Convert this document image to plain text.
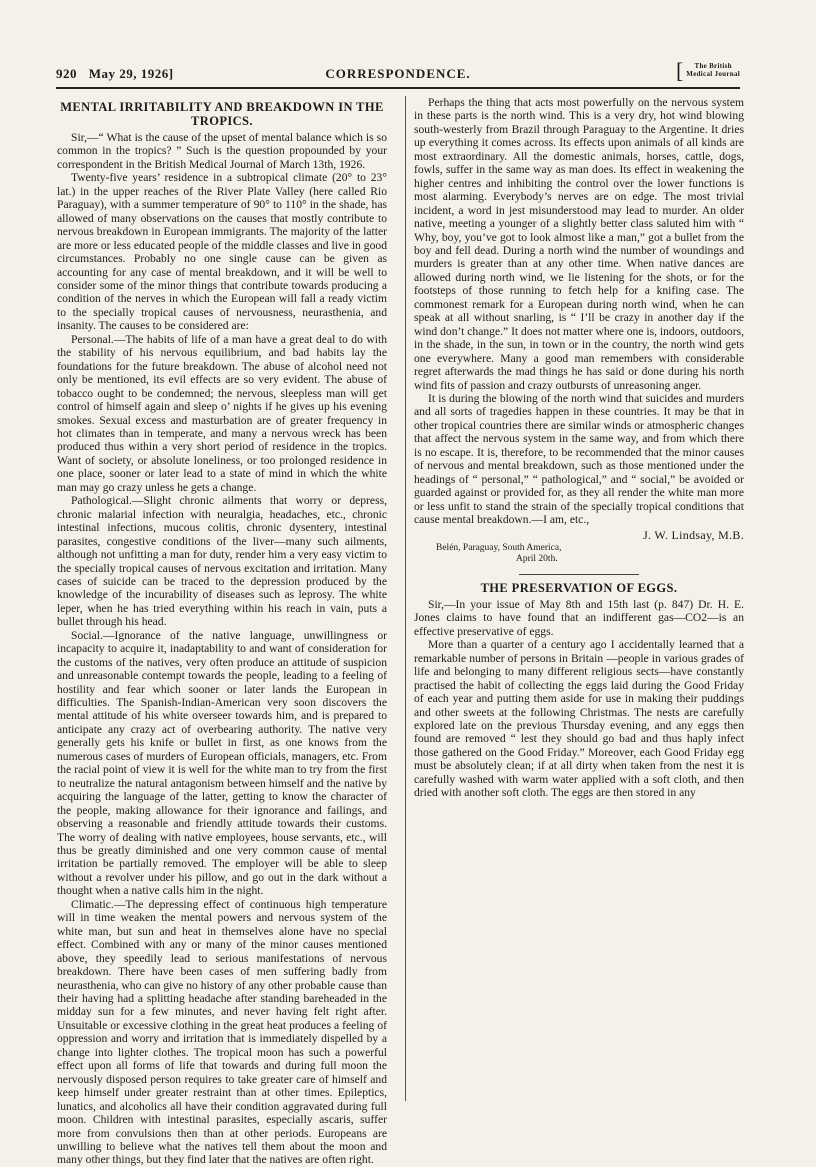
920 May 29, 1926]	CORRESPONDENCE.	[	The British
Medical Journal
MENTAL IRRITABILITY AND BREAKDOWN IN THE TROPICS.

Sir,—“ What is the cause of the upset of mental balance which is so common in the tropics? ” Such is the question propounded by your correspondent in the British Medical Journal of March 13th, 1926.

Twenty-five years’ residence in a subtropical climate (20° to 23° lat.) in the upper reaches of the River Plate Valley (here called Rio Paraguay), with a summer temperature of 90° to 110° in the shade, has allowed of many observations on the causes that mostly contribute to nervous breakdown in European immigrants. The majority of the latter are more or less educated people of the middle classes and live in good circumstances. Probably no one single cause can be given as accounting for any case of mental breakdown, and it will be well to consider some of the minor things that contribute towards producing a condition of the nerves in which the European will fall a ready victim to the specially tropical causes of nervousness, neurasthenia, and insanity. The causes to be considered are:

Personal.—The habits of life of a man have a great deal to do with the stability of his nervous equilibrium, and bad habits lay the foundations for the future breakdown. The abuse of alcohol need not only be mentioned, its evil effects are so very evident. The abuse of tobacco ought to be condemned; the nervous, sleepless man will get control of himself again and sleep o’ nights if he gives up his evening smokes. Sexual excess and masturbation are of greater frequency in hot climates than in temperate, and many a nervous wreck has been produced thus within a very short period of residence in the tropics. Want of society, or absolute loneliness, or too prolonged residence in one place, sooner or later lead to a state of mind in which the white man may go crazy unless he gets a change.

Pathological.—Slight chronic ailments that worry or depress, chronic malarial infection with neuralgia, headaches, etc., chronic intestinal infections, mucous colitis, chronic dysentery, intestinal parasites, congestive conditions of the liver—many such ailments, although not unfitting a man for duty, render him a very easy victim to the specially tropical causes of nervous excitation and irritation. Many cases of suicide can be traced to the depression produced by the knowledge of the incurability of diseases such as leprosy. The white leper, when he has tried everything within his reach in vain, puts a bullet through his head.

Social.—Ignorance of the native language, unwillingness or incapacity to acquire it, inadaptability to and want of consideration for the customs of the natives, very often produce an attitude of suspicion and unreasonable contempt towards the people, leading to a feeling of hostility and fear which sooner or later lands the European in difficulties. The Spanish-Indian-American very soon discovers the mental attitude of his white overseer towards him, and is prepared to anticipate any crazy act of overbearing authority. The native very generally gets his knife or bullet in first, as one knows from the numerous cases of murders of European officials, managers, etc. From the racial point of view it is well for the white man to try from the first to neutralize the natural antagonism between himself and the native by acquiring the language of the latter, getting to know the character of the people, making allowance for their ignorance and failings, and observing a reasonable and friendly attitude towards their customs. The worry of dealing with native employees, house servants, etc., will thus be greatly diminished and one very common cause of mental irritation be partially removed. The employer will be able to sleep without a revolver under his pillow, and go out in the dark without a thought when a native calls him in the night.

Climatic.—The depressing effect of continuous high temperature will in time weaken the mental powers and nervous system of the white man, but sun and heat in themselves alone have no special effect. Combined with any or many of the minor causes mentioned above, they speedily lead to serious manifestations of nervous breakdown. There have been cases of men suffering badly from neurasthenia, who can give no history of any other probable cause than their having had a splitting headache after standing bareheaded in the midday sun for a few minutes, and never having felt right after. Unsuitable or excessive clothing in the great heat produces a feeling of oppression and worry and irritation that is immediately dispelled by a change into lighter clothes. The tropical moon has such a powerful effect upon all forms of life that towards and during full moon the nervously disposed person requires to take greater care of himself and keep himself under greater restraint than at other times. Epileptics, lunatics, and alcoholics all have their condition aggravated during full moon. Children with intestinal parasites, especially ascaris, suffer more from convulsions then than at other periods. Europeans are unwilling to believe what the natives tell them about the moon and many other things, but they find later that the natives are often right.

Perhaps the thing that acts most powerfully on the nervous system in these parts is the north wind. This is a very dry, hot wind blowing south-westerly from Brazil through Paraguay to the Argentine. It dries up everything it comes across. Its effects upon animals of all kinds are most extraordinary. All the domestic animals, horses, cattle, dogs, fowls, suffer in the same way as man does. Its effect in weakening the higher centres and inhibiting the control over the lower functions is most alarming. Everybody’s nerves are on edge. The most trivial incident, a word in jest misunderstood may lead to murder. An older native, meeting a younger of a slightly better class saluted him with “ Why, boy, you’ve got to look almost like a man,” got a bullet from the boy and fell dead. During a north wind the number of woundings and murders is greater than at any other time. When native dances are allowed during north wind, we lie listening for the shots, or for the footsteps of those running to fetch help for a knifing case. The commonest remark for a European during north wind, when he can speak at all without snarling, is “ I’ll be crazy in another day if the wind don’t change.” It does not matter where one is, indoors, outdoors, in the shade, in the sun, in town or in the country, the north wind gets one everywhere. Many a good man remembers with considerable regret afterwards the mad things he has said or done during his north wind fits of passion and crazy outbursts of unreasoning anger.

It is during the blowing of the north wind that suicides and murders and all sorts of tragedies happen in these countries. It may be that in other tropical countries there are similar winds or atmospheric changes that affect the nervous system in the same way, and from which there is no escape. It is, therefore, to be recommended that the minor causes of nervous and mental breakdown, such as those mentioned under the headings of “ personal,” “ pathological,” and “ social,” be avoided or guarded against or provided for, as they all render the white man more or less unfit to stand the strain of the specially tropical conditions that cause mental breakdown.—I am, etc.,

J. W. Lindsay, M.B.
Belén, Paraguay, South America,
April 20th.
THE PRESERVATION OF EGGS.

Sir,—In your issue of May 8th and 15th last (p. 847) Dr. H. E. Jones claims to have found that an indifferent gas—CO2—is an effective preservative of eggs.

More than a quarter of a century ago I accidentally learned that a remarkable number of persons in Britain —people in various grades of life and belonging to many different religious sects—have constantly practised the habit of collecting the eggs laid during the Good Friday of each year and putting them aside for use in making their puddings and other sweets at the following Christmas. The nests are carefully explored late on the previous Thursday evening, and any eggs then found are removed “ lest they should go bad and thus haply infect those gathered on the Good Friday.” Moreover, each Good Friday egg must be absolutely clean; if at all dirty when taken from the nest it is carefully washed with warm water applied with a soft cloth, and then dried with another soft cloth. The eggs are then stored in any
